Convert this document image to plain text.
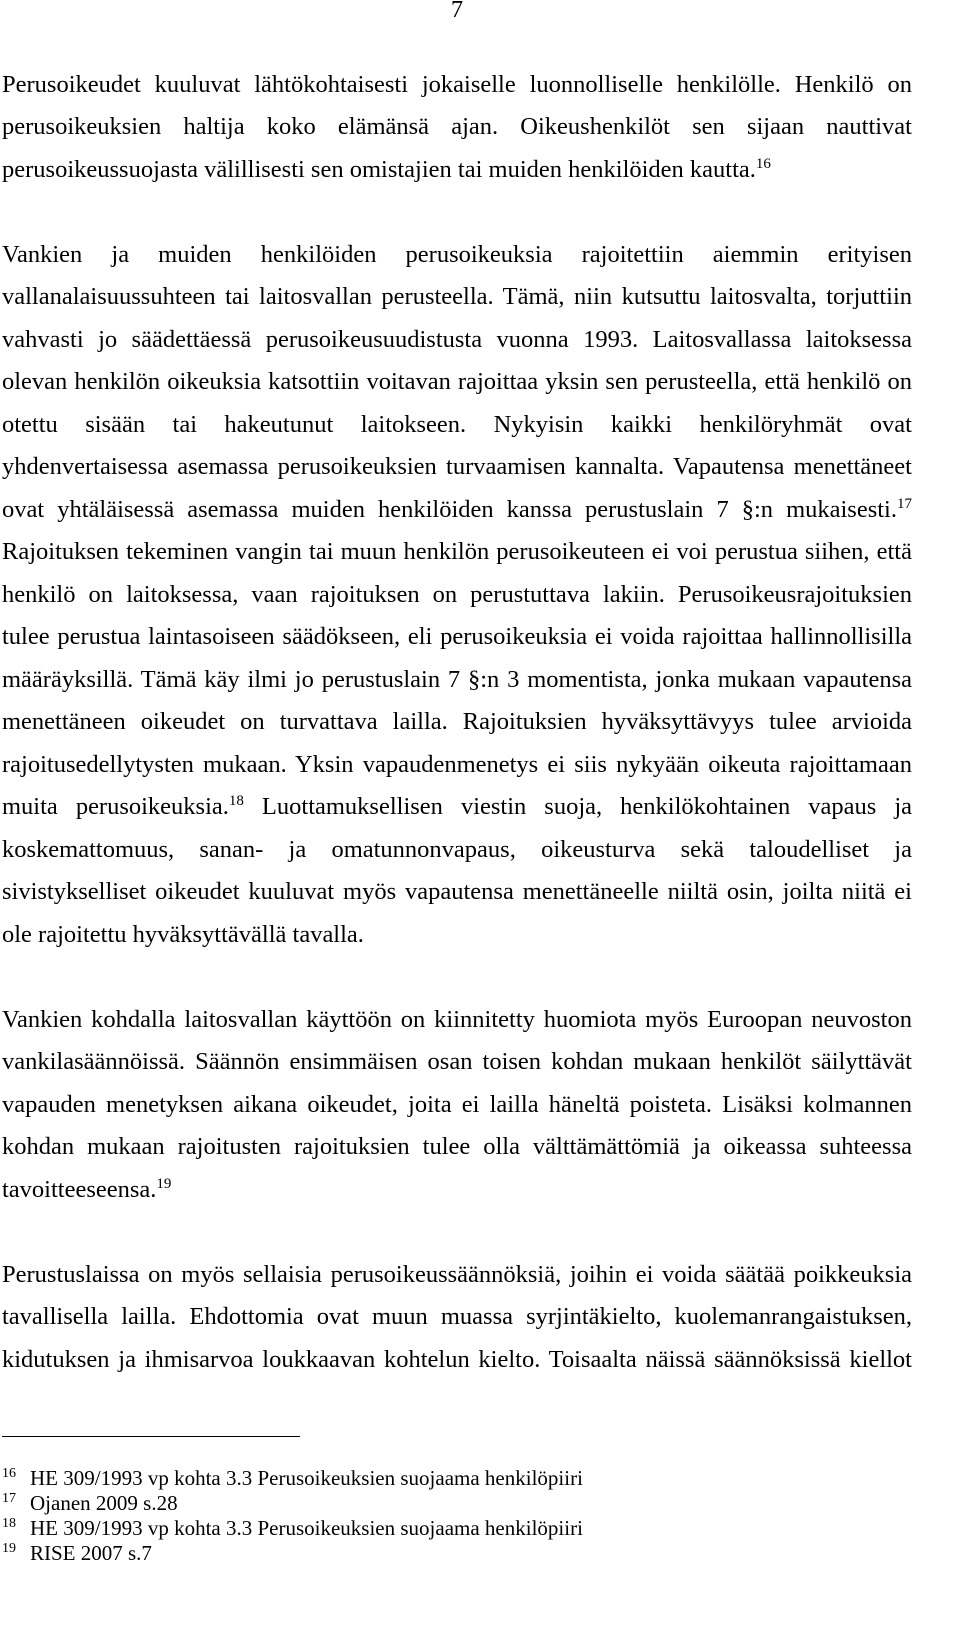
7
Perusoikeudet kuuluvat lähtökohtaisesti jokaiselle luonnolliselle henkilölle. Henkilö on
perusoikeuksien haltija koko elämänsä ajan. Oikeushenkilöt sen sijaan nauttivat
perusoikeussuojasta välillisesti sen omistajien tai muiden henkilöiden kautta.$^{16}$
Vankien ja muiden henkilöiden perusoikeuksia rajoitettiin aiemmin erityisen
vallanalaisuussuhteen tai laitosvallan perusteella. Tämä, niin kutsuttu laitosvalta, torjuttiin
vahvasti jo säädettäessä perusoikeusuudistusta vuonna 1993. Laitosvallassa laitoksessa
olevan henkilön oikeuksia katsottiin voitavan rajoittaa yksin sen perusteella, että henkilö on
otettu sisään tai hakeutunut laitokseen. Nykyisin kaikki henkilöryhmät ovat
yhdenvertaisessa asemassa perusoikeuksien turvaamisen kannalta. Vapautensa menettäneet
ovat yhtäläisessä asemassa muiden henkilöiden kanssa perustuslain 7 §:n mukaisesti.$^{17}$
Rajoituksen tekeminen vangin tai muun henkilön perusoikeuteen ei voi perustua siihen, että
henkilö on laitoksessa, vaan rajoituksen on perustuttava lakiin. Perusoikeusrajoituksien
tulee perustua laintasoiseen säädökseen, eli perusoikeuksia ei voida rajoittaa hallinnollisilla
määräyksillä. Tämä käy ilmi jo perustuslain 7 §:n 3 momentista, jonka mukaan vapautensa
menettäneen oikeudet on turvattava lailla. Rajoituksien hyväksyttävyys tulee arvioida
rajoitusedellytysten mukaan. Yksin vapaudenmenetys ei siis nykyään oikeuta rajoittamaan
muita perusoikeuksia.$^{18}$ Luottamuksellisen viestin suoja, henkilökohtainen vapaus ja
koskemattomuus, sanan- ja omatunnonvapaus, oikeusturva sekä taloudelliset ja
sivistykselliset oikeudet kuuluvat myös vapautensa menettäneelle niiltä osin, joilta niitä ei
ole rajoitettu hyväksyttävällä tavalla.
Vankien kohdalla laitosvallan käyttöön on kiinnitetty huomiota myös Euroopan neuvoston
vankilasäännöissä. Säännön ensimmäisen osan toisen kohdan mukaan henkilöt säilyttävät
vapauden menetyksen aikana oikeudet, joita ei lailla häneltä poisteta. Lisäksi kolmannen
kohdan mukaan rajoitusten rajoituksien tulee olla välttämättömiä ja oikeassa suhteessa
tavoitteeseensa.$^{19}$
Perustuslaissa on myös sellaisia perusoikeussäännöksiä, joihin ei voida säätää poikkeuksia
tavallisella lailla. Ehdottomia ovat muun muassa syrjintäkielto, kuolemanrangaistuksen,
kidutuksen ja ihmisarvoa loukkaavan kohtelun kielto. Toisaalta näissä säännöksissä kiellot
16 HE 309/1993 vp kohta 3.3 Perusoikeuksien suojaama henkilöpiiri
17 Ojanen 2009 s.28
18 HE 309/1993 vp kohta 3.3 Perusoikeuksien suojaama henkilöpiiri
19 RISE 2007 s.7
